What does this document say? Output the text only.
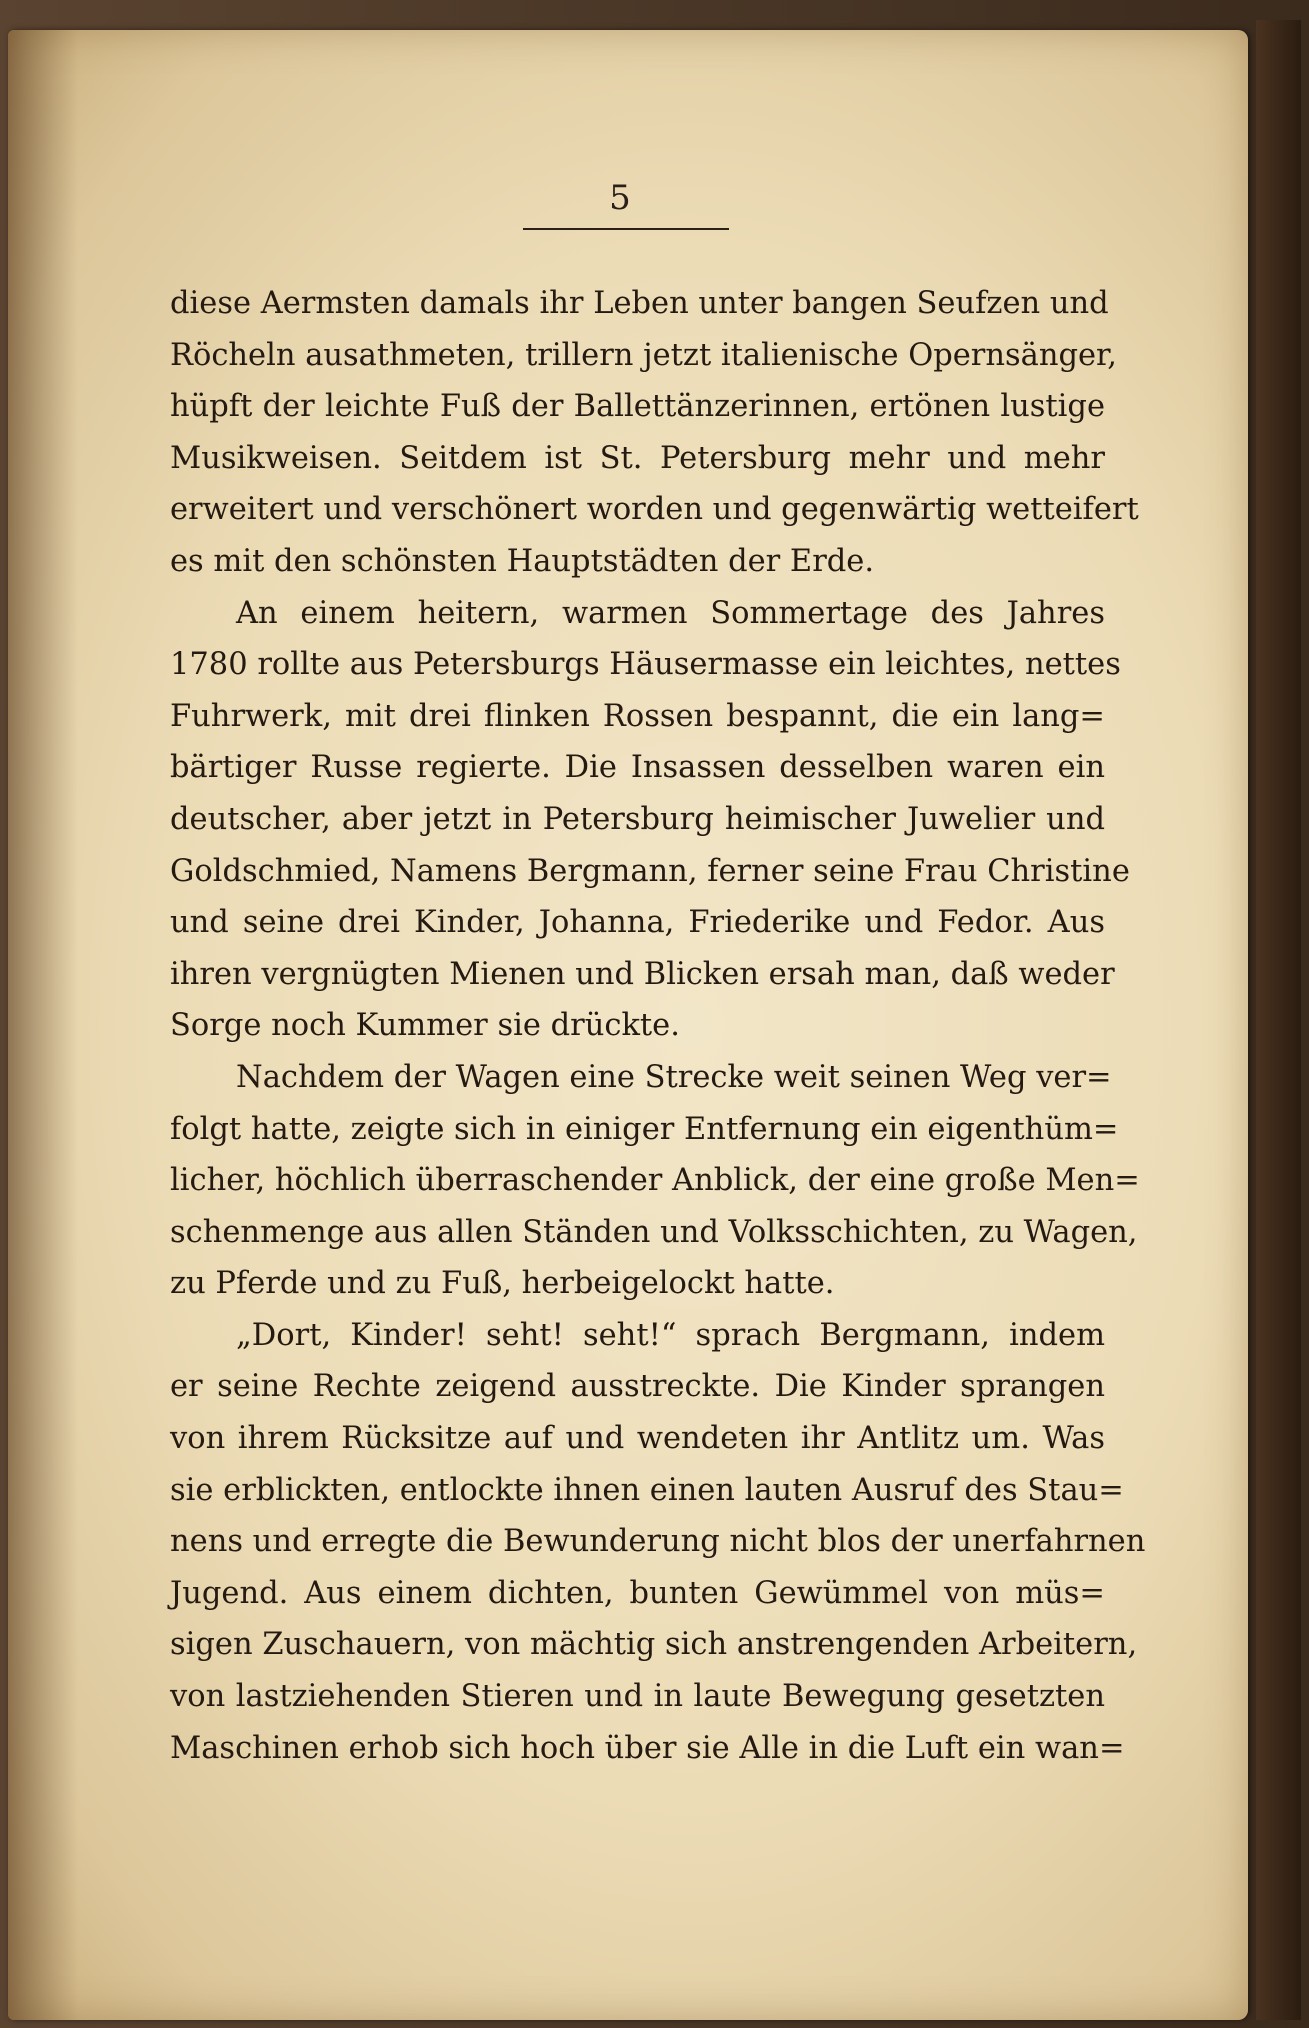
5
diese Aermsten damals ihr Leben unter bangen Seufzen und
Röcheln ausathmeten, trillern jetzt italienische Opernsänger,
hüpft der leichte Fuß der Ballettänzerinnen, ertönen lustige
Musikweisen. Seitdem ist St. Petersburg mehr und mehr
erweitert und verschönert worden und gegenwärtig wetteifert
es mit den schönsten Hauptstädten der Erde.
An einem heitern, warmen Sommertage des Jahres
1780 rollte aus Petersburgs Häusermasse ein leichtes, nettes
Fuhrwerk, mit drei flinken Rossen bespannt, die ein lang=
bärtiger Russe regierte. Die Insassen desselben waren ein
deutscher, aber jetzt in Petersburg heimischer Juwelier und
Goldschmied, Namens Bergmann, ferner seine Frau Christine
und seine drei Kinder, Johanna, Friederike und Fedor. Aus
ihren vergnügten Mienen und Blicken ersah man, daß weder
Sorge noch Kummer sie drückte.
Nachdem der Wagen eine Strecke weit seinen Weg ver=
folgt hatte, zeigte sich in einiger Entfernung ein eigenthüm=
licher, höchlich überraschender Anblick, der eine große Men=
schenmenge aus allen Ständen und Volksschichten, zu Wagen,
zu Pferde und zu Fuß, herbeigelockt hatte.
„Dort, Kinder! seht! seht!“ sprach Bergmann, indem
er seine Rechte zeigend ausstreckte. Die Kinder sprangen
von ihrem Rücksitze auf und wendeten ihr Antlitz um. Was
sie erblickten, entlockte ihnen einen lauten Ausruf des Stau=
nens und erregte die Bewunderung nicht blos der unerfahrnen
Jugend. Aus einem dichten, bunten Gewümmel von müs=
sigen Zuschauern, von mächtig sich anstrengenden Arbeitern,
von lastziehenden Stieren und in laute Bewegung gesetzten
Maschinen erhob sich hoch über sie Alle in die Luft ein wan=
